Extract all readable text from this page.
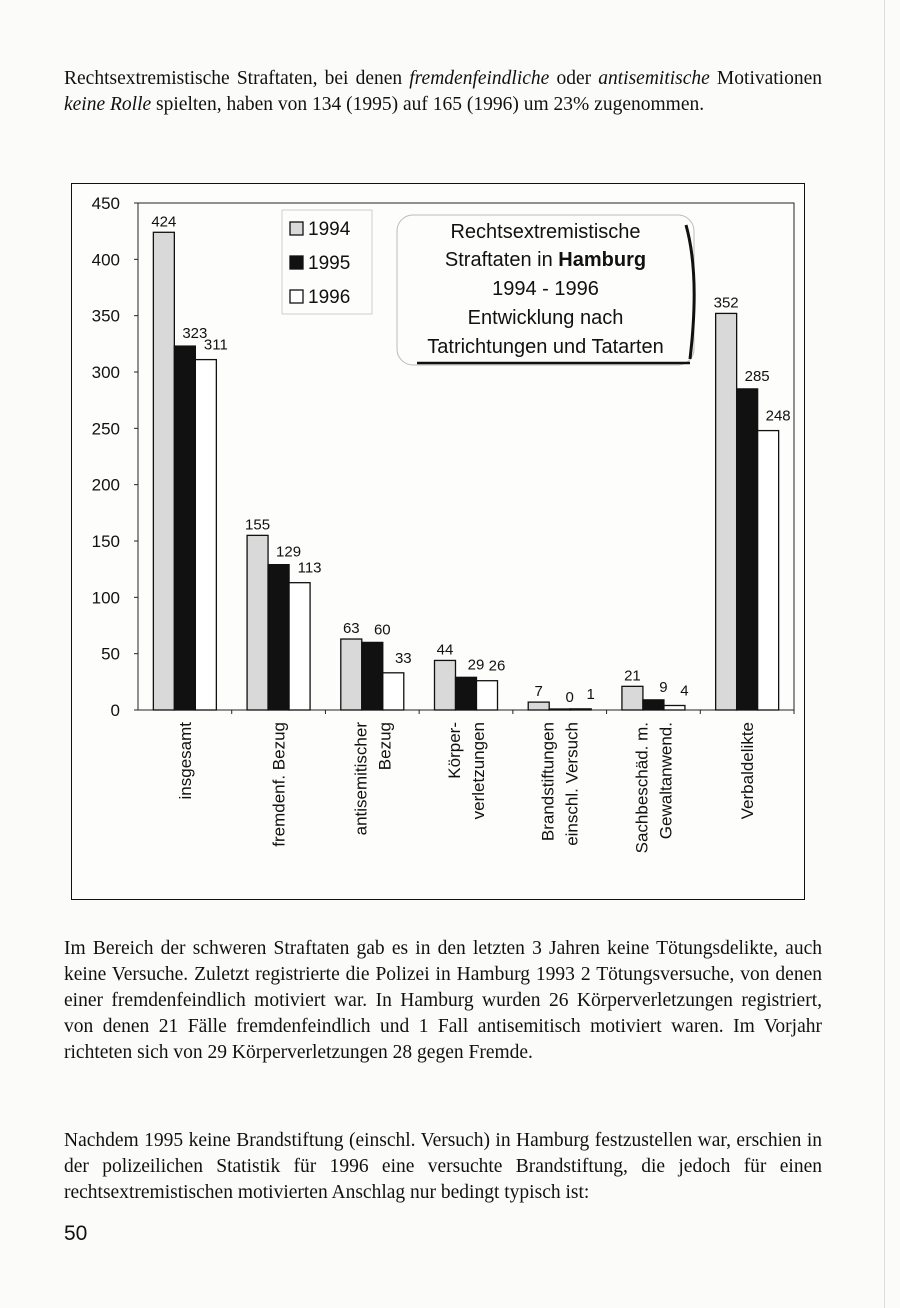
Rechtsextremistische Straftaten, bei denen fremdenfeindliche oder antisemitische Motivationen keine Rolle spielten, haben von 134 (1995) auf 165 (1996) um 23% zugenommen.

0
50
100
150
200
250
300
350
400
450
424
323
311
insgesamt
155
129
113
fremdenf. Bezug
63 60
33
antisemitischer Bezug
44
29 26
Körper- verletzungen
7 0 1
Brandstiftungen einschl. Versuch
21
9 4
Sachbeschäd. m. Gewaltanwend.
352
285
248
Verbaldelikte
1994
1995
1996
Rechtsextremistische
Straftaten in Hamburg
1994 - 1996
Entwicklung nach
Tatrichtungen und Tatarten

Im Bereich der schweren Straftaten gab es in den letzten 3 Jahren keine Tötungsdelikte, auch keine Versuche. Zuletzt registrierte die Polizei in Hamburg 1993 2 Tötungsversuche, von denen einer fremdenfeindlich motiviert war. In Hamburg wurden 26 Körperverletzungen registriert, von denen 21 Fälle fremdenfeindlich und 1 Fall antisemitisch motiviert waren. Im Vorjahr richteten sich von 29 Körperverletzungen 28 gegen Fremde.

Nachdem 1995 keine Brandstiftung (einschl. Versuch) in Hamburg festzustellen war, erschien in der polizeilichen Statistik für 1996 eine versuchte Brandstiftung, die jedoch für einen rechtsextremistischen motivierten Anschlag nur bedingt typisch ist:

50
